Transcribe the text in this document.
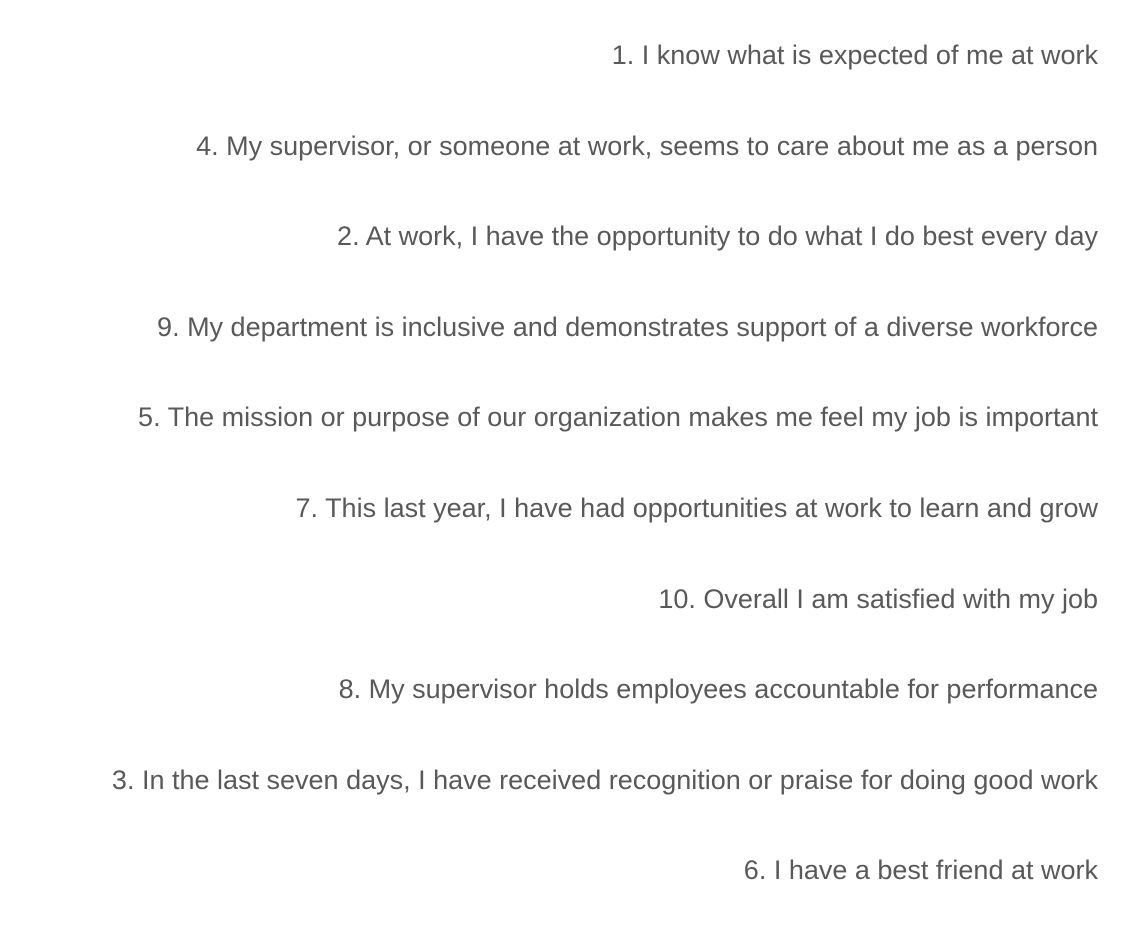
1. I know what is expected of me at work
4. My supervisor, or someone at work, seems to care about me as a person
2. At work, I have the opportunity to do what I do best every day
9. My department is inclusive and demonstrates support of a diverse workforce
5. The mission or purpose of our organization makes me feel my job is important
7. This last year, I have had opportunities at work to learn and grow
10. Overall I am satisfied with my job
8. My supervisor holds employees accountable for performance
3. In the last seven days, I have received recognition or praise for doing good work
6. I have a best friend at work
